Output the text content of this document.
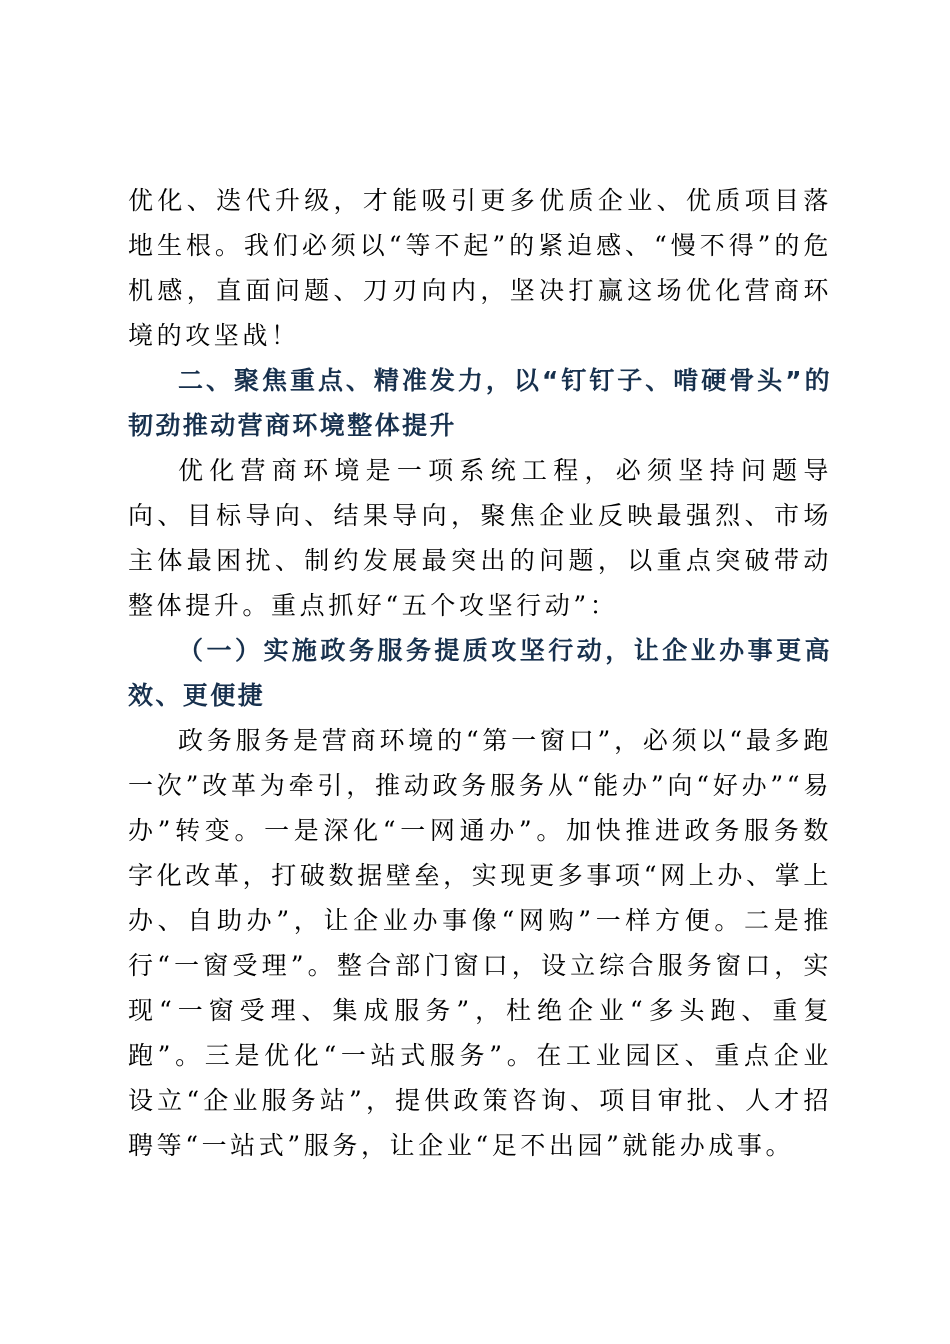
优化、迭代升级，才能吸引更多优质企业、优质项目落地生根。我们必须以“等不起”的紧迫感、“慢不得”的危机感，直面问题、刀刃向内，坚决打赢这场优化营商环境的攻坚战！

二、聚焦重点、精准发力，以“钉钉子、啃硬骨头”的韧劲推动营商环境整体提升

优化营商环境是一项系统工程，必须坚持问题导向、目标导向、结果导向，聚焦企业反映最强烈、市场主体最困扰、制约发展最突出的问题，以重点突破带动整体提升。重点抓好“五个攻坚行动”：

（一）实施政务服务提质攻坚行动，让企业办事更高效、更便捷

政务服务是营商环境的“第一窗口”，必须以“最多跑一次”改革为牵引，推动政务服务从“能办”向“好办”“易办”转变。一是深化“一网通办”。加快推进政务服务数字化改革，打破数据壁垒，实现更多事项“网上办、掌上办、自助办”，让企业办事像“网购”一样方便。二是推行“一窗受理”。整合部门窗口，设立综合服务窗口，实现“一窗受理、集成服务”，杜绝企业“多头跑、重复跑”。三是优化“一站式服务”。在工业园区、重点企业设立“企业服务站”，提供政策咨询、项目审批、人才招聘等“一站式”服务，让企业“足不出园”就能办成事。
